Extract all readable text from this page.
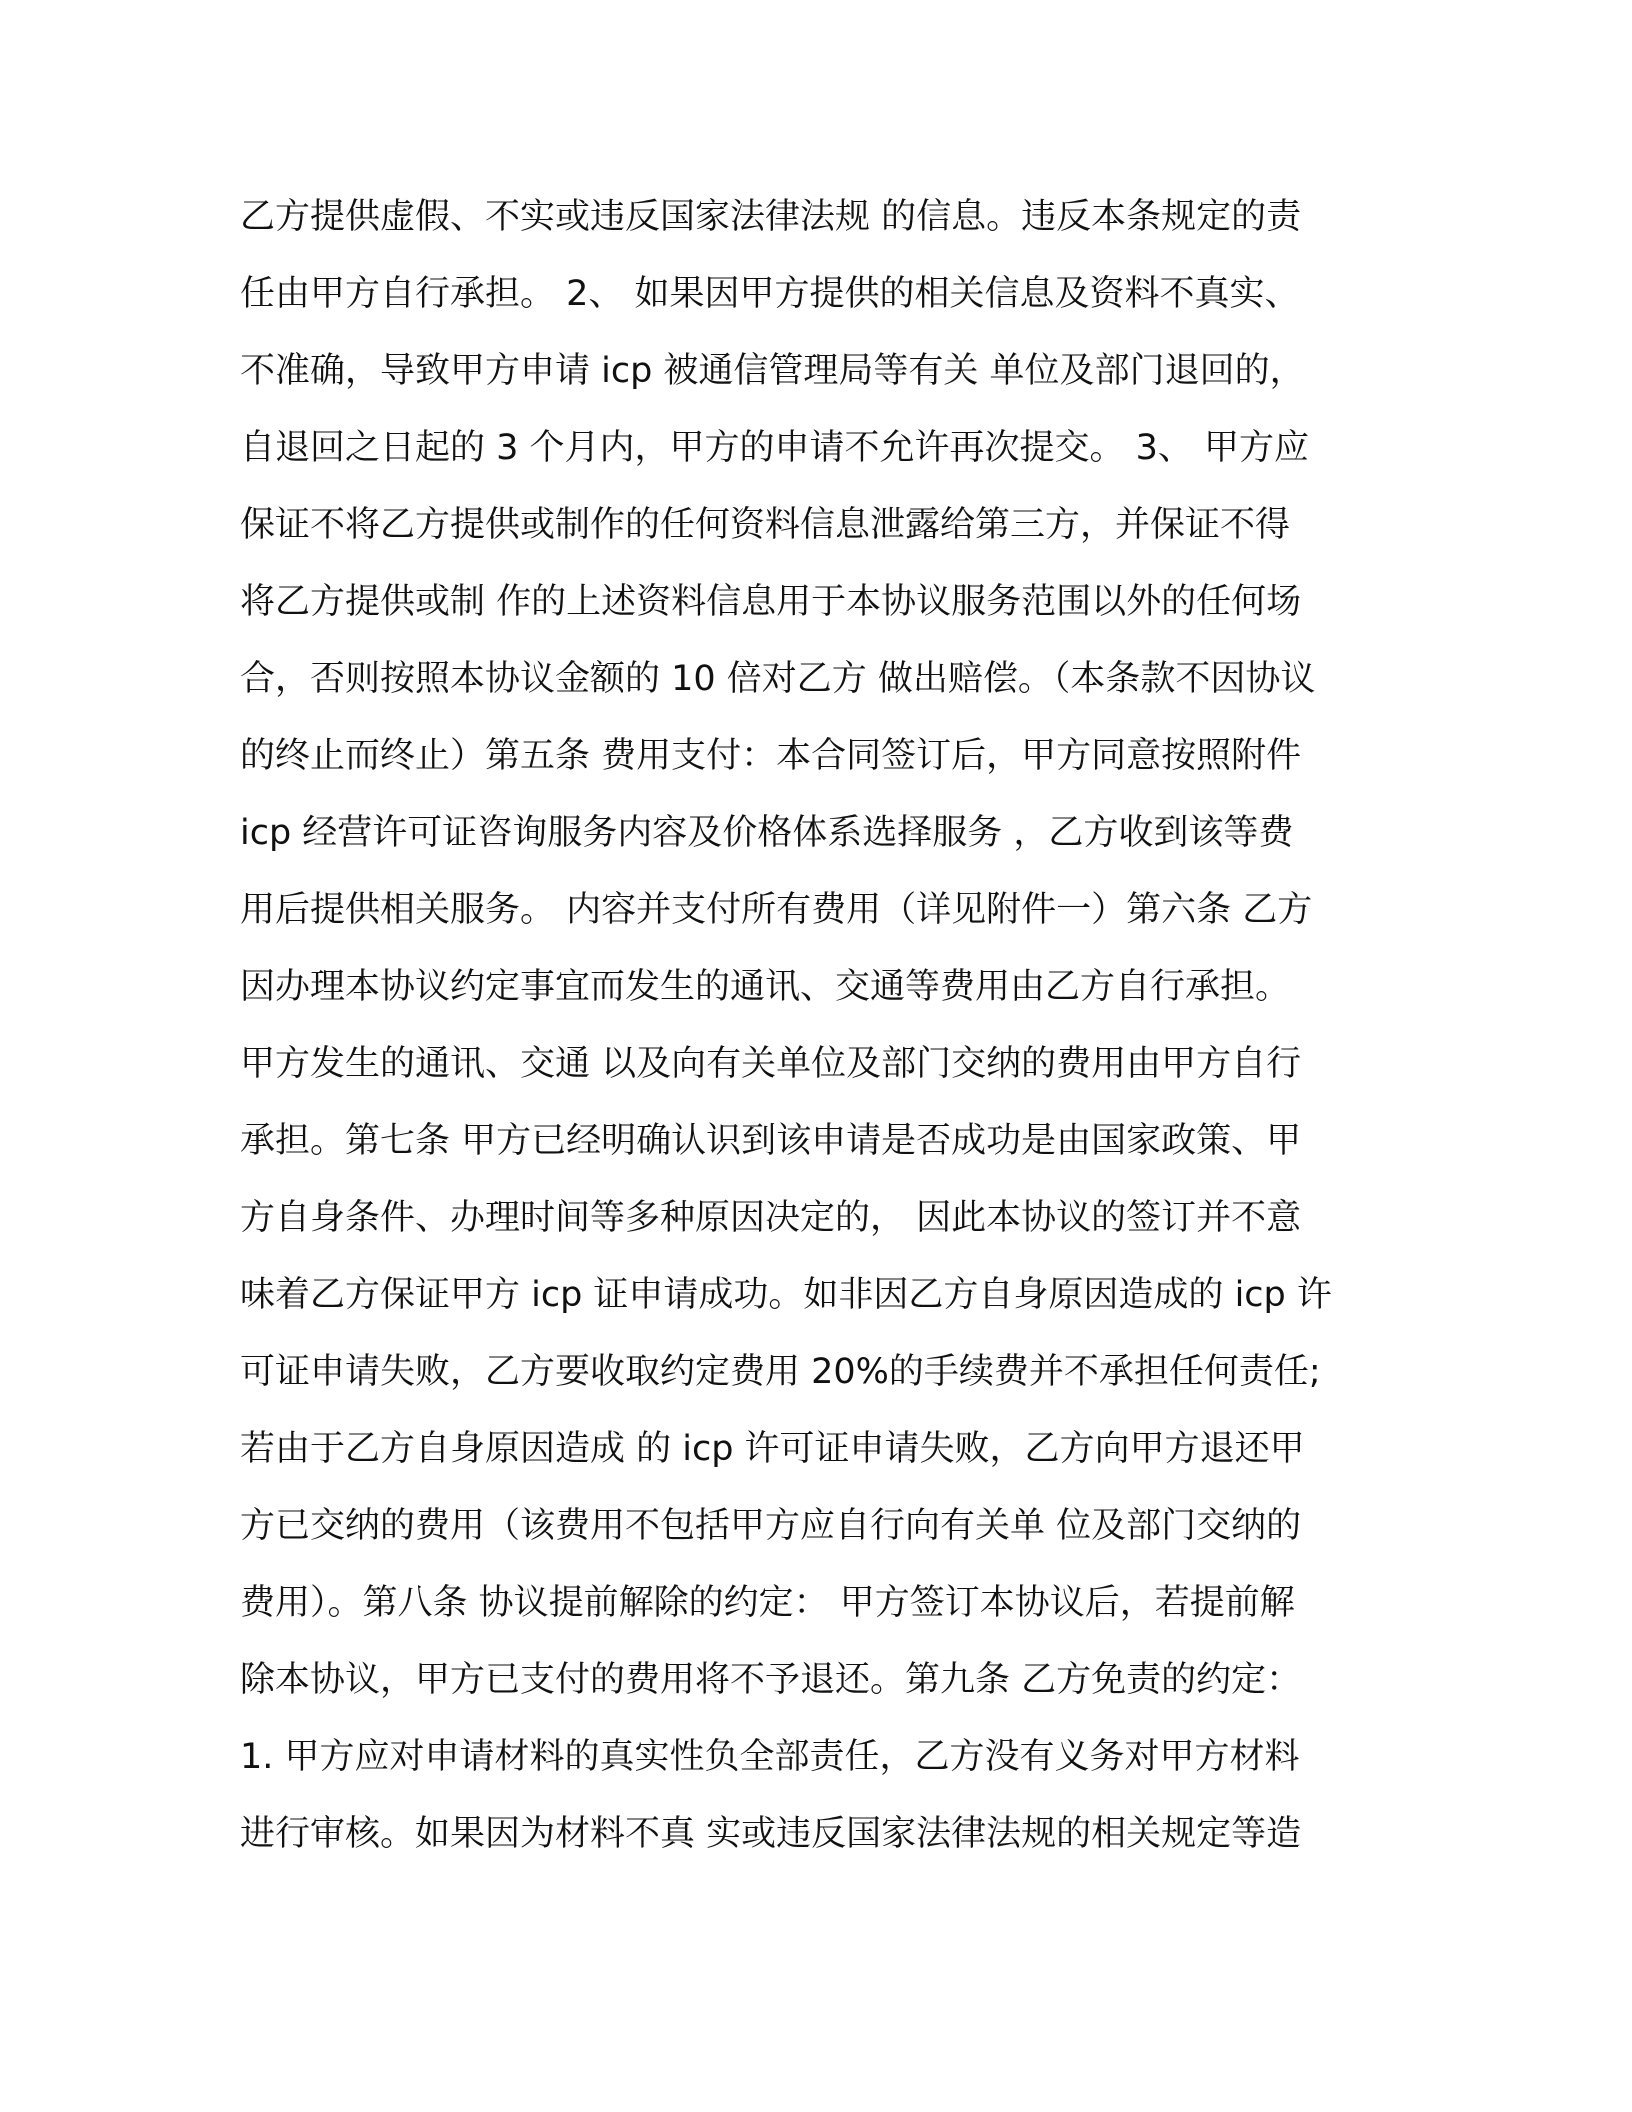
乙方提供虚假、不实或违反国家法律法规 的信息。违反本条规定的责
任由甲方自行承担。 2、 如果因甲方提供的相关信息及资料不真实、
不准确，导致甲方申请 icp 被通信管理局等有关 单位及部门退回的，
自退回之日起的 3 个月内，甲方的申请不允许再次提交。 3、 甲方应
保证不将乙方提供或制作的任何资料信息泄露给第三方，并保证不得
将乙方提供或制 作的上述资料信息用于本协议服务范围以外的任何场
合，否则按照本协议金额的 10 倍对乙方 做出赔偿。（本条款不因协议
的终止而终止）第五条 费用支付：本合同签订后，甲方同意按照附件
icp 经营许可证咨询服务内容及价格体系选择服务 ，乙方收到该等费
用后提供相关服务。 内容并支付所有费用（详见附件一）第六条 乙方
因办理本协议约定事宜而发生的通讯、交通等费用由乙方自行承担。
甲方发生的通讯、交通 以及向有关单位及部门交纳的费用由甲方自行
承担。第七条 甲方已经明确认识到该申请是否成功是由国家政策、甲
方自身条件、办理时间等多种原因决定的， 因此本协议的签订并不意
味着乙方保证甲方 icp 证申请成功。如非因乙方自身原因造成的 icp 许
可证申请失败，乙方要收取约定费用 20%的手续费并不承担任何责任;
若由于乙方自身原因造成 的 icp 许可证申请失败，乙方向甲方退还甲
方已交纳的费用（该费用不包括甲方应自行向有关单 位及部门交纳的
费用）。第八条 协议提前解除的约定： 甲方签订本协议后，若提前解
除本协议，甲方已支付的费用将不予退还。第九条 乙方免责的约定：
1. 甲方应对申请材料的真实性负全部责任，乙方没有义务对甲方材料
进行审核。如果因为材料不真 实或违反国家法律法规的相关规定等造
